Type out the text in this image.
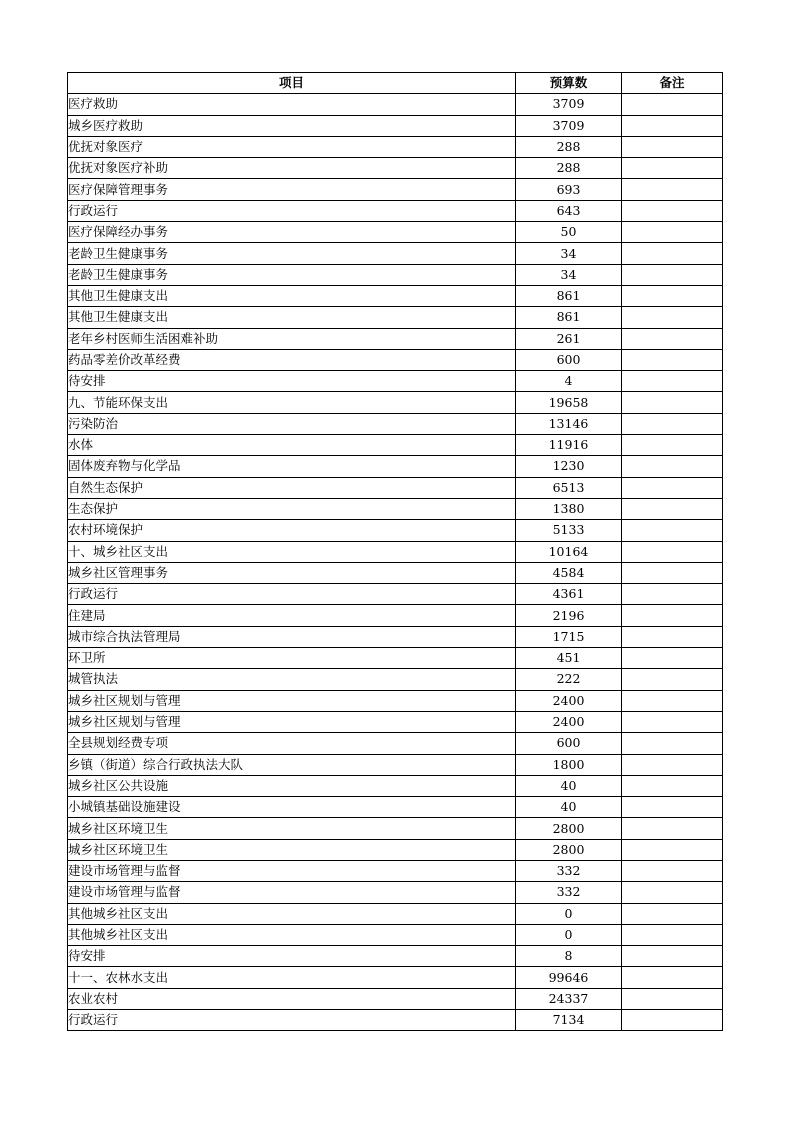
项目	预算数	备注
医疗救助	3709	
城乡医疗救助	3709	
优抚对象医疗	288	
优抚对象医疗补助	288	
医疗保障管理事务	693	
行政运行	643	
医疗保障经办事务	50	
老龄卫生健康事务	34	
老龄卫生健康事务	34	
其他卫生健康支出	861	
其他卫生健康支出	861	
老年乡村医师生活困难补助	261	
药品零差价改革经费	600	
待安排	4	
九、节能环保支出	19658	
污染防治	13146	
水体	11916	
固体废弃物与化学品	1230	
自然生态保护	6513	
生态保护	1380	
农村环境保护	5133	
十、城乡社区支出	10164	
城乡社区管理事务	4584	
行政运行	4361	
住建局	2196	
城市综合执法管理局	1715	
环卫所	451	
城管执法	222	
城乡社区规划与管理	2400	
城乡社区规划与管理	2400	
全县规划经费专项	600	
乡镇（街道）综合行政执法大队	1800	
城乡社区公共设施	40	
小城镇基础设施建设	40	
城乡社区环境卫生	2800	
城乡社区环境卫生	2800	
建设市场管理与监督	332	
建设市场管理与监督	332	
其他城乡社区支出	0	
其他城乡社区支出	0	
待安排	8	
十一、农林水支出	99646	
农业农村	24337	
行政运行	7134	
